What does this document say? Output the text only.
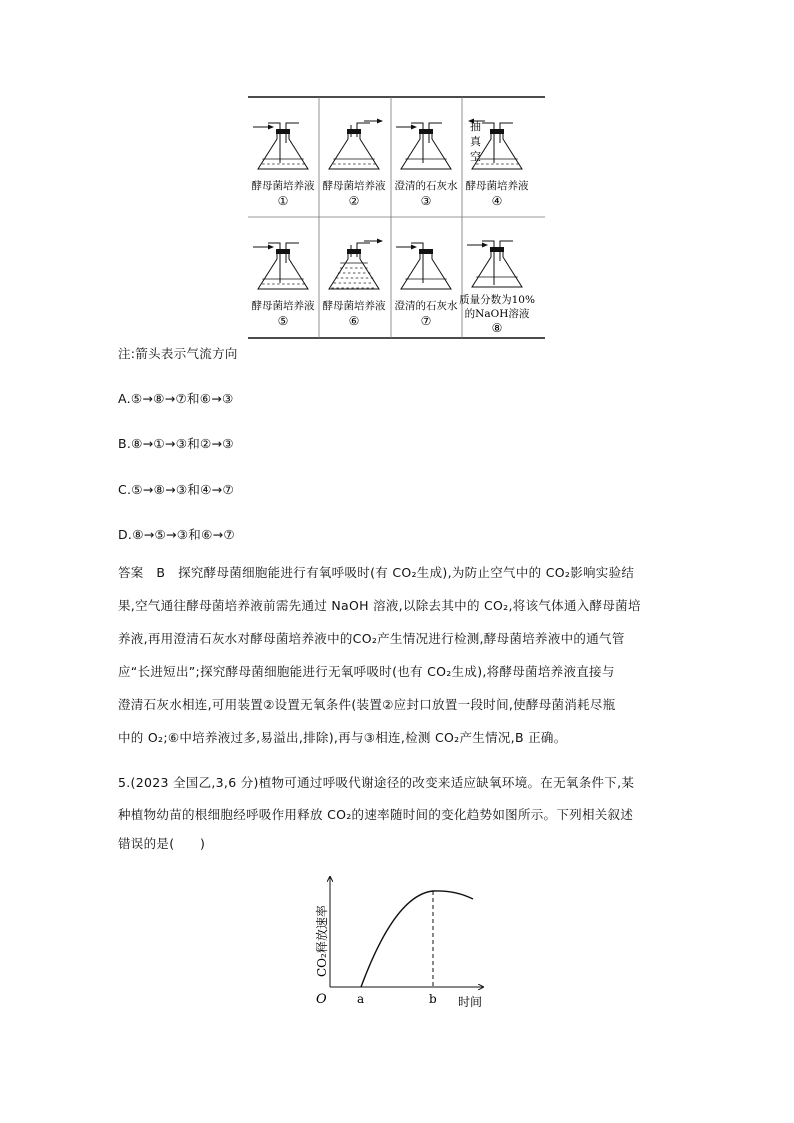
酵母菌培养液
①
酵母菌培养液
②
澄清的石灰水
③
抽
真
空
酵母菌培养液
④
酵母菌培养液
⑤
酵母菌培养液
⑥
澄清的石灰水
⑦
质量分数为10%
的NaOH溶液
⑧
注:箭头表示气流方向
A.⑤→⑧→⑦和⑥→③
B.⑧→①→③和②→③
C.⑤→⑧→③和④→⑦
D.⑧→⑤→③和⑥→⑦
答案　B　探究酵母菌细胞能进行有氧呼吸时(有 CO₂生成),为防止空气中的 CO₂影响实验结
果,空气通往酵母菌培养液前需先通过 NaOH 溶液,以除去其中的 CO₂,将该气体通入酵母菌培
养液,再用澄清石灰水对酵母菌培养液中的CO₂产生情况进行检测,酵母菌培养液中的通气管
应“长进短出”;探究酵母菌细胞能进行无氧呼吸时(也有 CO₂生成),将酵母菌培养液直接与
澄清石灰水相连,可用装置②设置无氧条件(装置②应封口放置一段时间,使酵母菌消耗尽瓶
中的 O₂;⑥中培养液过多,易溢出,排除),再与③相连,检测 CO₂产生情况,B 正确。
5.(2023 全国乙,3,6 分)植物可通过呼吸代谢途径的改变来适应缺氧环境。在无氧条件下,某
种植物幼苗的根细胞经呼吸作用释放 CO₂的速率随时间的变化趋势如图所示。下列相关叙述
错误的是(　　)
O	a	b 时间
CO₂释放速率
